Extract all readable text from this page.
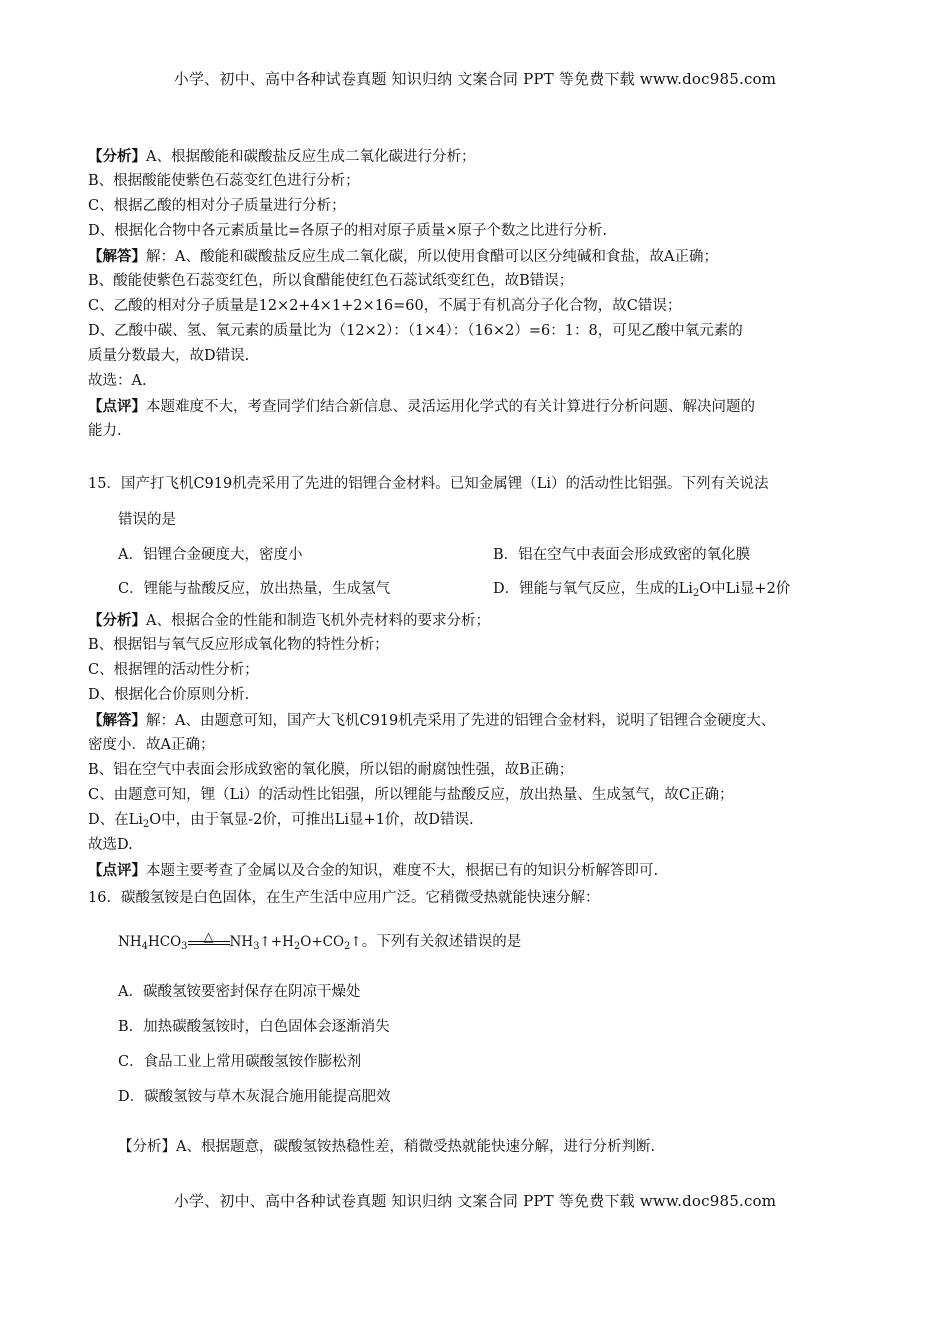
小学、初中、高中各种试卷真题 知识归纳 文案合同 PPT 等免费下载 www.doc985.com
【分析】A、根据酸能和碳酸盐反应生成二氧化碳进行分析；
B、根据酸能使紫色石蕊变红色进行分析；
C、根据乙酸的相对分子质量进行分析；
D、根据化合物中各元素质量比=各原子的相对原子质量×原子个数之比进行分析.
【解答】解：A、酸能和碳酸盐反应生成二氧化碳，所以使用食醋可以区分纯碱和食盐，故A正确；
B、酸能使紫色石蕊变红色，所以食醋能使红色石蕊试纸变红色，故B错误；
C、乙酸的相对分子质量是12×2+4×1+2×16=60，不属于有机高分子化合物，故C错误；
D、乙酸中碳、氢、氧元素的质量比为（12×2）：（1×4）：（16×2）=6：1：8，可见乙酸中氧元素的
质量分数最大，故D错误.
故选：A.
【点评】本题难度不大，考查同学们结合新信息、灵活运用化学式的有关计算进行分析问题、解决问题的
能力.
15．国产打飞机C919机壳采用了先进的铝锂合金材料。已知金属锂（Li）的活动性比铝强。下列有关说法
错误的是
A．铝锂合金硬度大，密度小	B．铝在空气中表面会形成致密的氧化膜
C．锂能与盐酸反应，放出热量，生成氢气	D．锂能与氧气反应，生成的$Li_2O$中Li显+2价
【分析】A、根据合金的性能和制造飞机外壳材料的要求分析；
B、根据铝与氧气反应形成氧化物的特性分析；
C、根据锂的活动性分析；
D、根据化合价原则分析.
【解答】解：A、由题意可知，国产大飞机C919机壳采用了先进的铝锂合金材料，说明了铝锂合金硬度大、
密度小．故A正确；
B、铝在空气中表面会形成致密的氧化膜，所以铝的耐腐蚀性强，故B正确；
C、由题意可知，锂（Li）的活动性比铝强，所以锂能与盐酸反应，放出热量、生成氢气，故C正确；
D、在$Li_2O$中，由于氧显-2价，可推出Li显+1价，故D错误.
故选D.
【点评】本题主要考查了金属以及合金的知识，难度不大，根据已有的知识分析解答即可.
16．碳酸氢铵是白色固体，在生产生活中应用广泛。它稍微受热就能快速分解：
$NH_4HCO_3$
△	$NH_3↑+H_2O+CO_2↑$。下列有关叙述错误的是
A．碳酸氢铵要密封保存在阴凉干燥处
B．加热碳酸氢铵时，白色固体会逐渐消失
C．食品工业上常用碳酸氢铵作膨松剂
D．碳酸氢铵与草木灰混合施用能提高肥效
【分析】A、根据题意，碳酸氢铵热稳性差，稍微受热就能快速分解，进行分析判断.
小学、初中、高中各种试卷真题 知识归纳 文案合同 PPT 等免费下载 www.doc985.com
